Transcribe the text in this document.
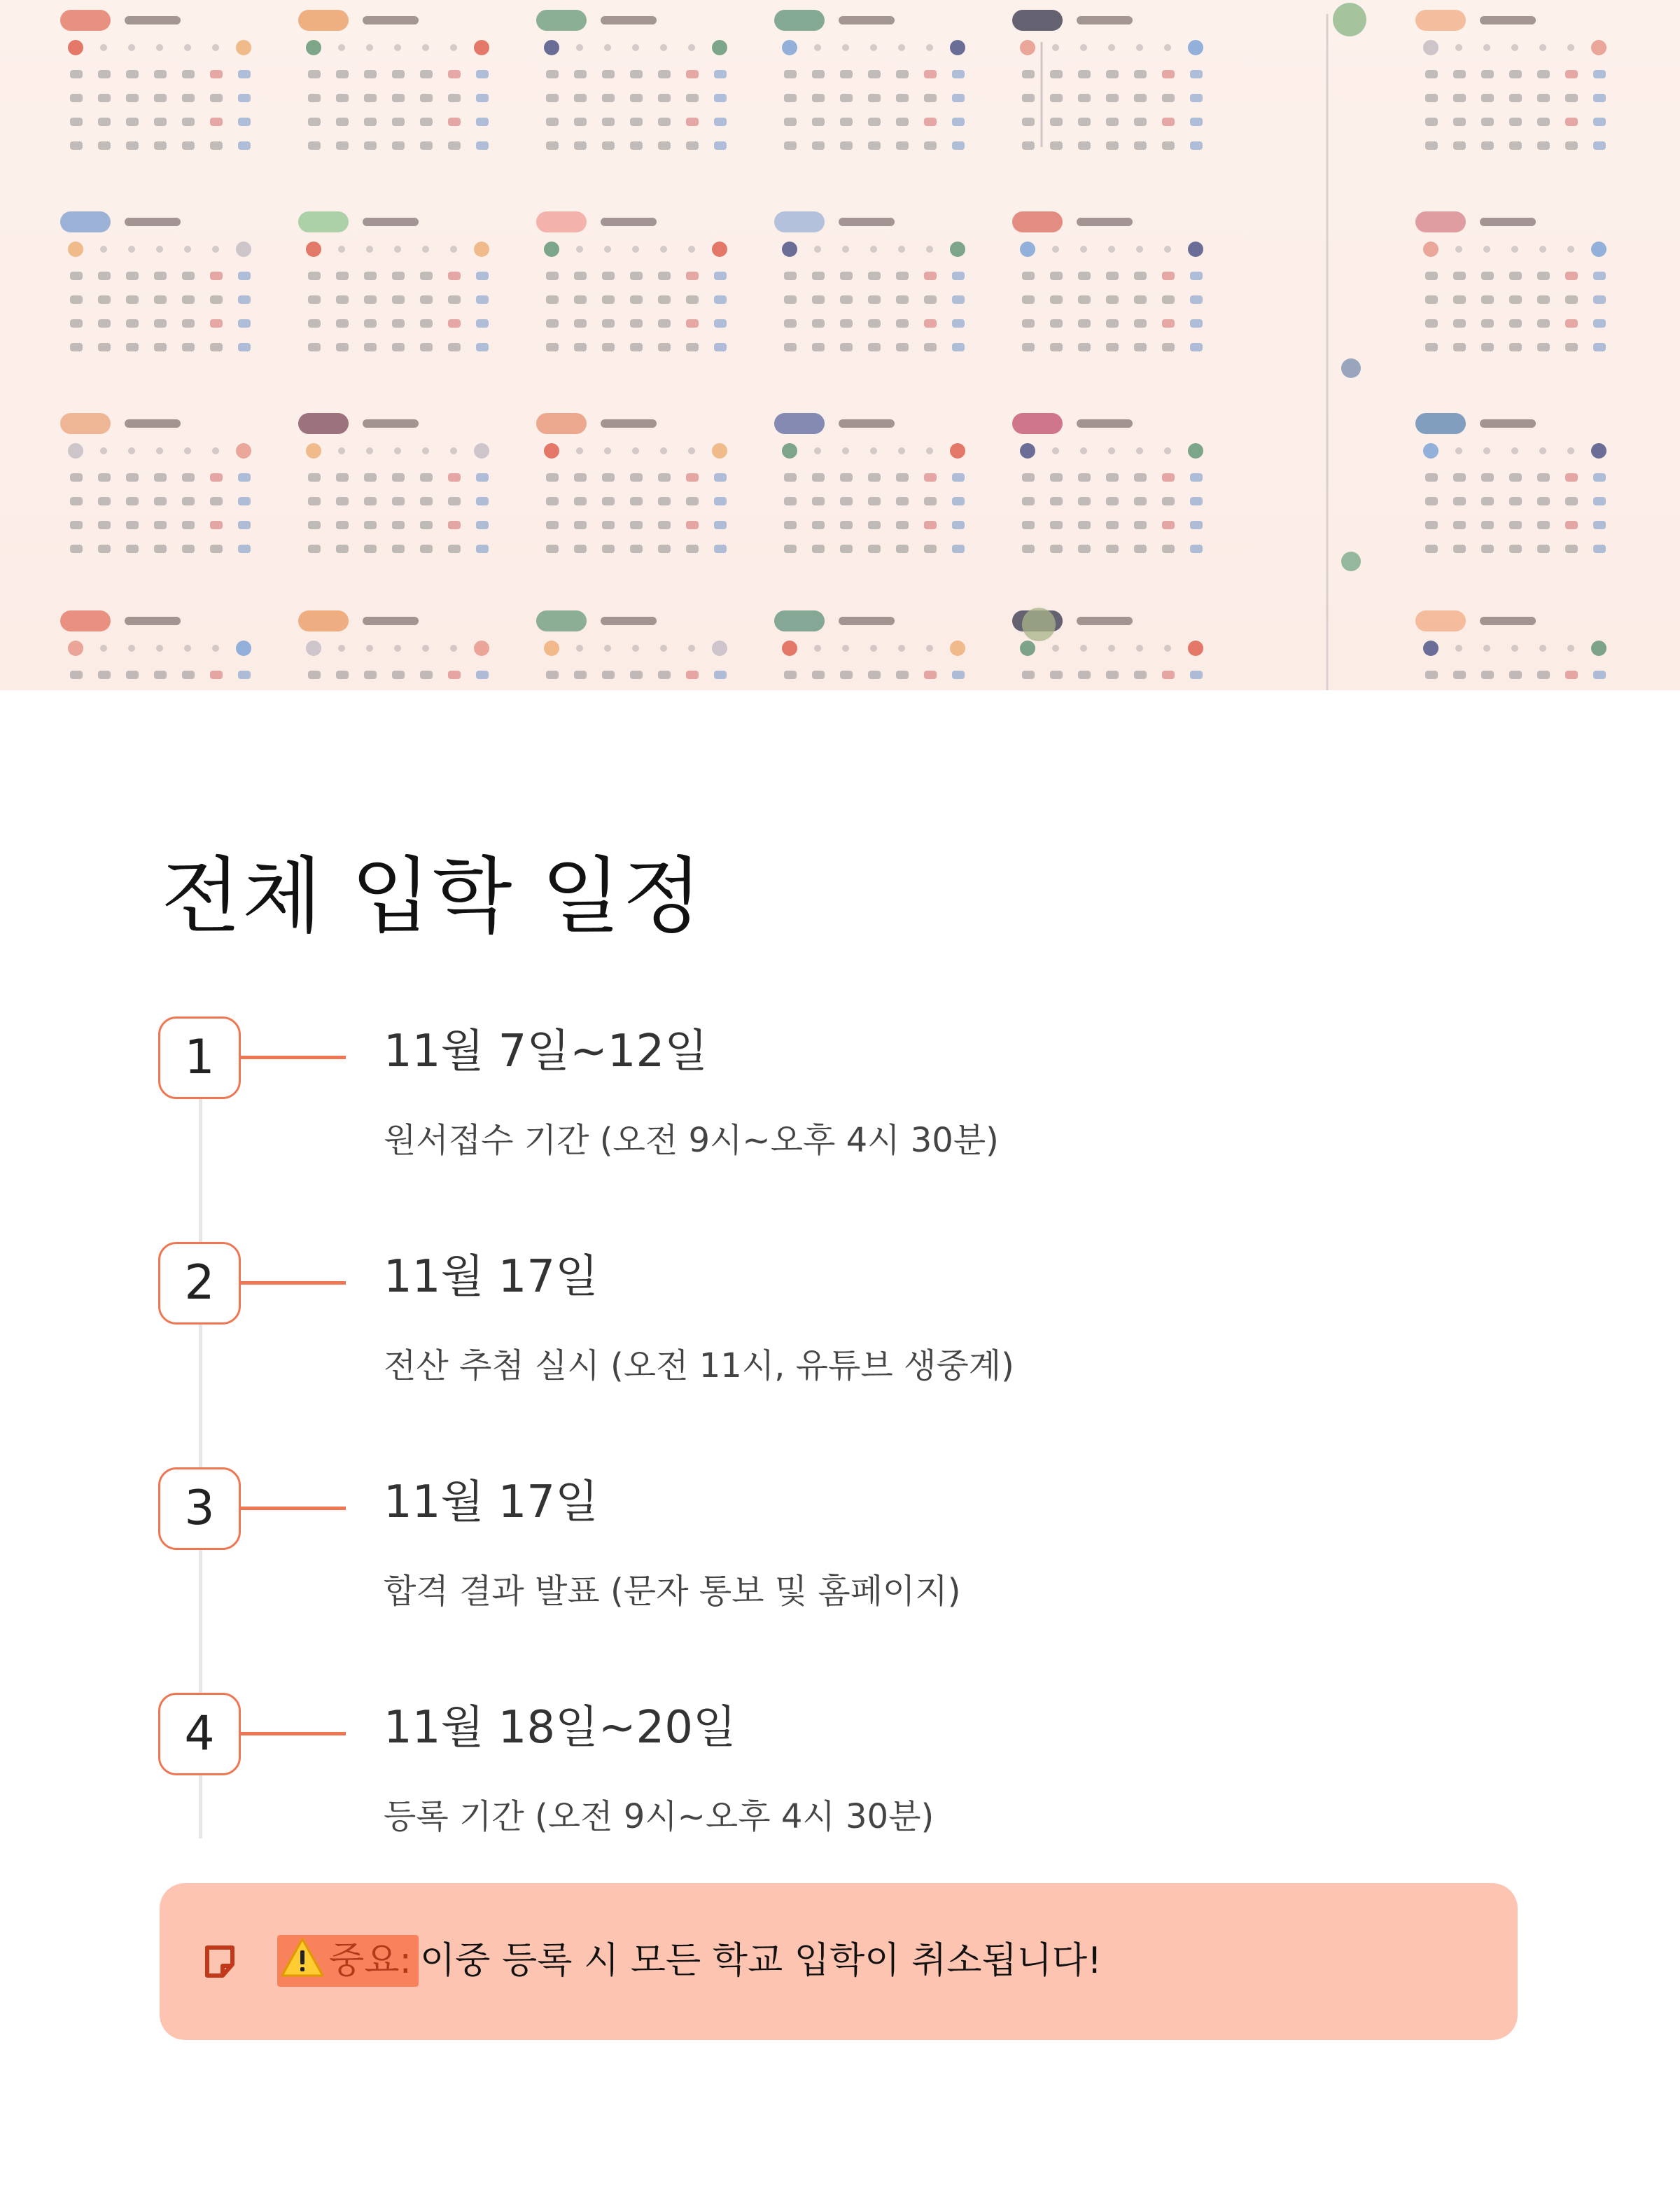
전체 입학 일정
1	11월 7일~12일
원서접수 기간 (오전 9시~오후 4시 30분)
2	11월 17일
전산 추첨 실시 (오전 11시, 유튜브 생중계)
3	11월 17일
합격 결과 발표 (문자 통보 및 홈페이지)
4	11월 18일~20일
등록 기간 (오전 9시~오후 4시 30분)
중요: 이중 등록 시 모든 학교 입학이 취소됩니다!
